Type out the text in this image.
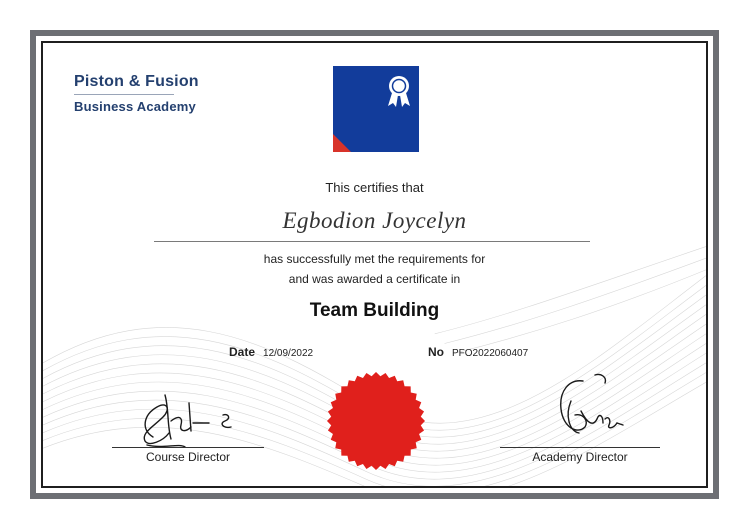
Piston & Fusion
Business Academy
This certifies that
Egbodion Joycelyn
has successfully met the requirements for
and was awarded a certificate in
Team Building
Date 12/09/2022	No PFO2022060407
Course Director	Academy Director
